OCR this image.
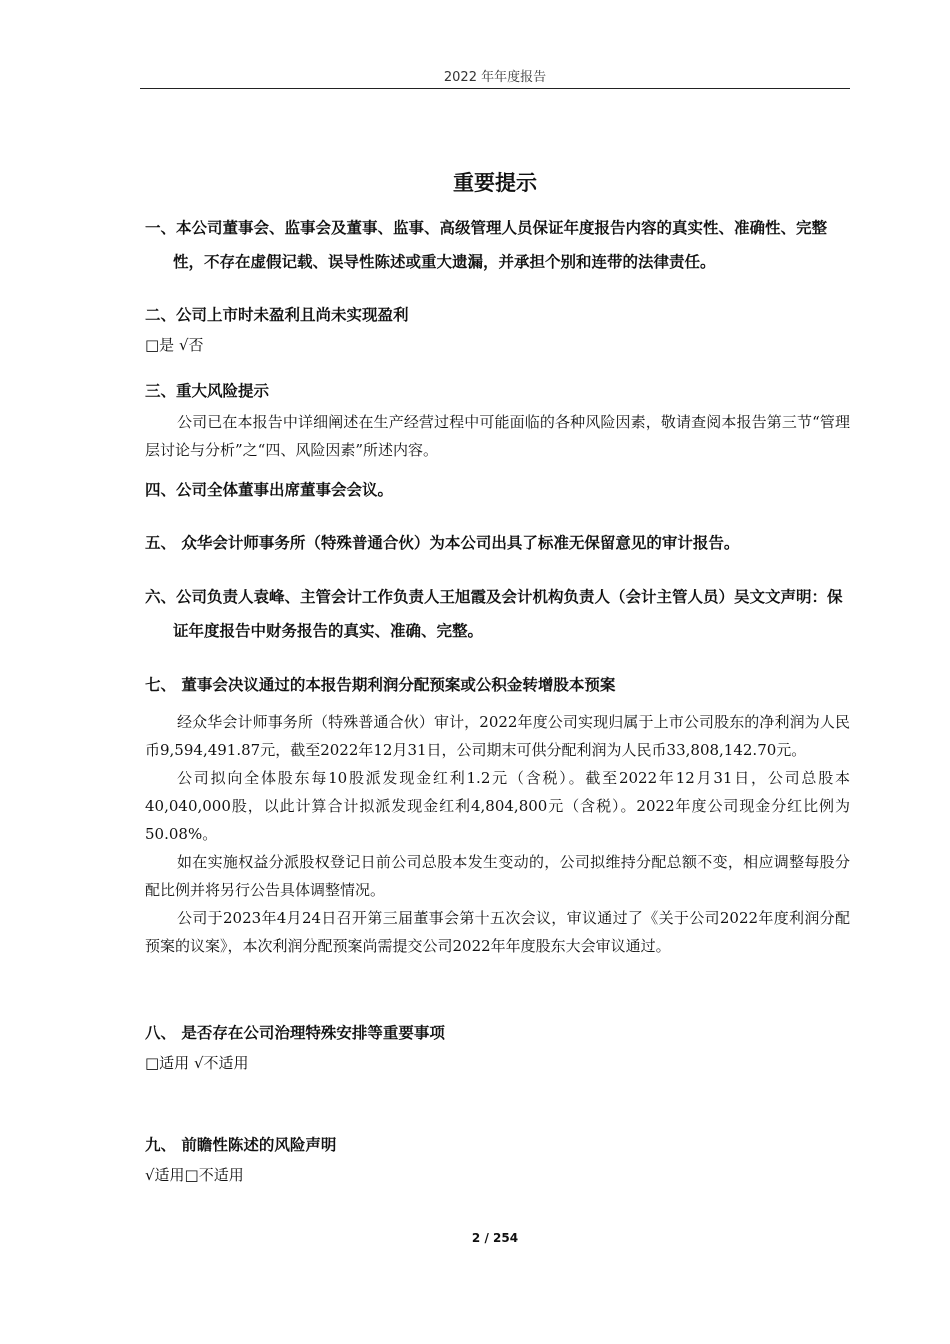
2022 年年度报告
重要提示

一、本公司董事会、监事会及董事、监事、高级管理人员保证年度报告内容的真实性、准确性、完整性，不存在虚假记载、误导性陈述或重大遗漏，并承担个别和连带的法律责任。

二、公司上市时未盈利且尚未实现盈利

□是 √否

三、重大风险提示

公司已在本报告中详细阐述在生产经营过程中可能面临的各种风险因素，敬请查阅本报告第三节“管理层讨论与分析”之“四、风险因素”所述内容。

四、公司全体董事出席董事会会议。

五、 众华会计师事务所（特殊普通合伙）为本公司出具了标准无保留意见的审计报告。

六、公司负责人袁峰、主管会计工作负责人王旭霞及会计机构负责人（会计主管人员）吴文文声明：保证年度报告中财务报告的真实、准确、完整。

七、 董事会决议通过的本报告期利润分配预案或公积金转增股本预案

经众华会计师事务所（特殊普通合伙）审计，2022年度公司实现归属于上市公司股东的净利润为人民币9,594,491.87元，截至2022年12月31日，公司期末可供分配利润为人民币33,808,142.70元。

公司拟向全体股东每10股派发现金红利1.2元（含税）。截至2022年12月31日，公司总股本40,040,000股，以此计算合计拟派发现金红利4,804,800元（含税）。2022年度公司现金分红比例为50.08%。

如在实施权益分派股权登记日前公司总股本发生变动的，公司拟维持分配总额不变，相应调整每股分配比例并将另行公告具体调整情况。

公司于2023年4月24日召开第三届董事会第十五次会议，审议通过了《关于公司2022年度利润分配预案的议案》，本次利润分配预案尚需提交公司2022年年度股东大会审议通过。

八、 是否存在公司治理特殊安排等重要事项

□适用 √不适用

九、 前瞻性陈述的风险声明

√适用□不适用

2 / 254
